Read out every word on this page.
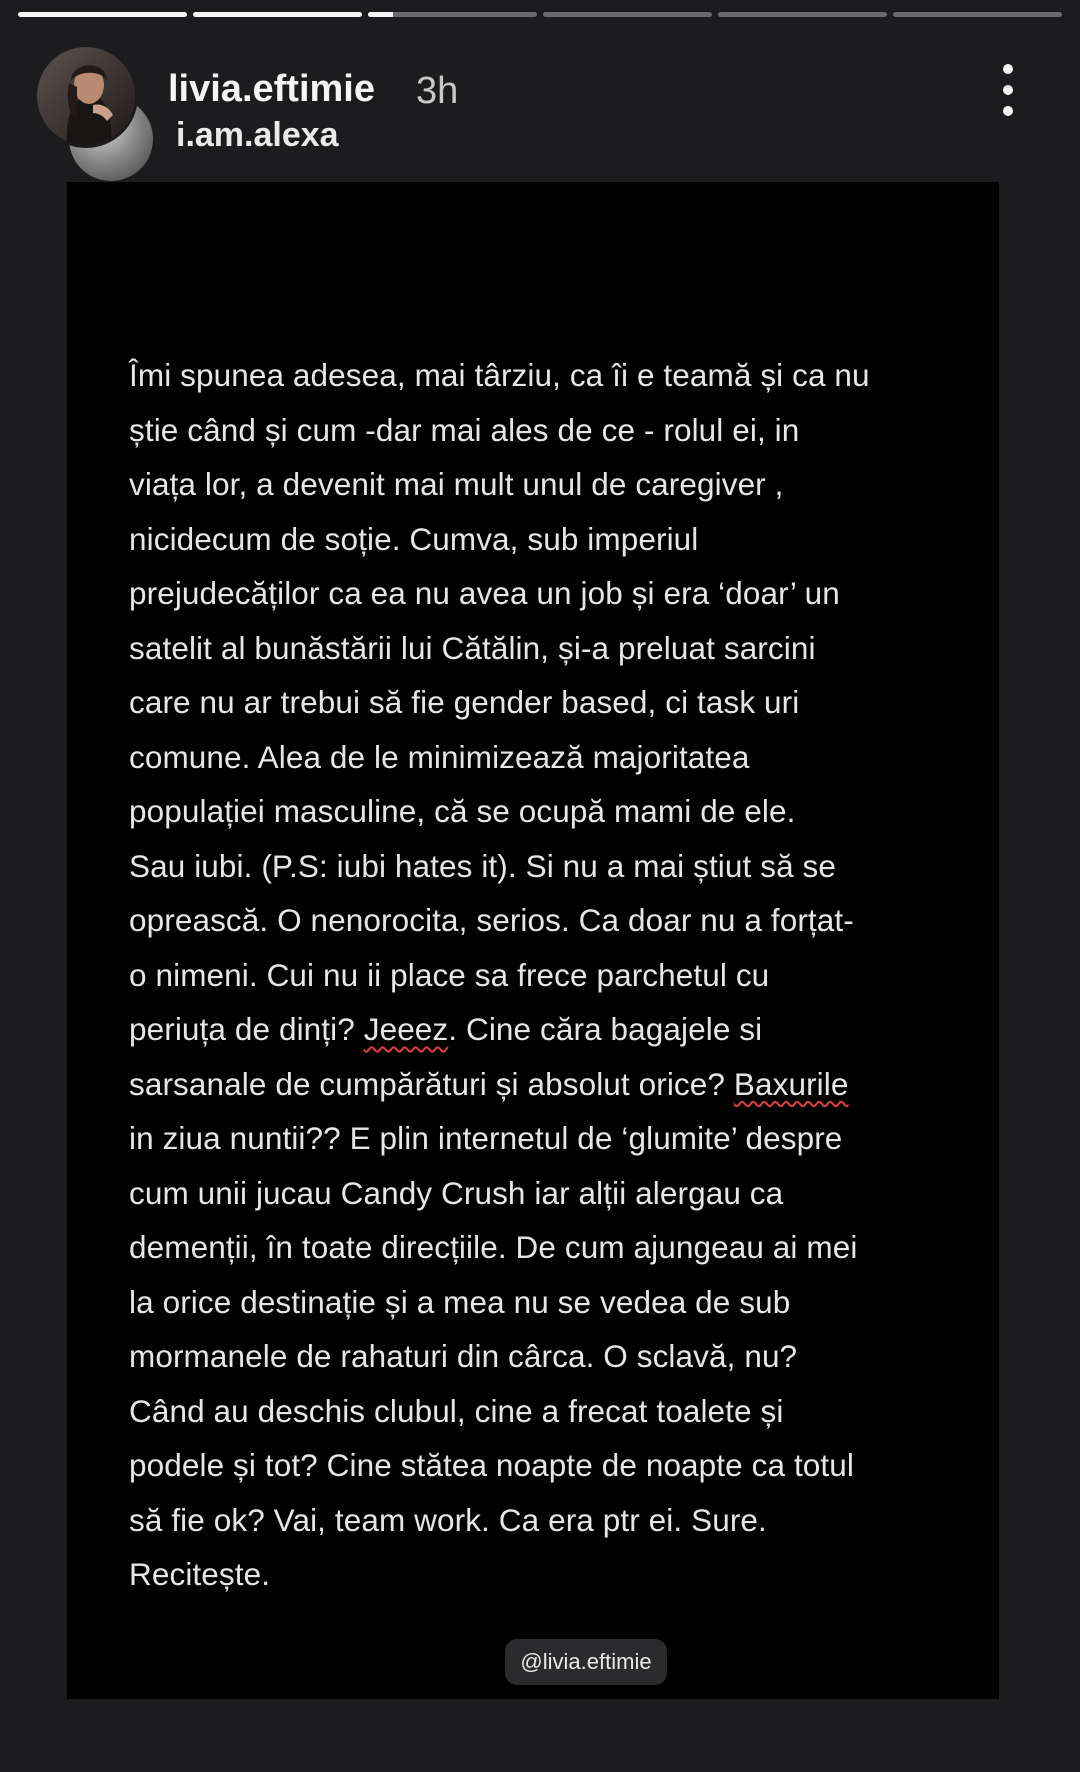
livia.eftimie 3h
i.am.alexa
Îmi spunea adesea, mai târziu, ca îi e teamă și ca nu
știe când și cum -dar mai ales de ce - rolul ei, in
viața lor, a devenit mai mult unul de caregiver ,
nicidecum de soție. Cumva, sub imperiul
prejudecăților ca ea nu avea un job și era ‘doar’ un
satelit al bunăstării lui Cătălin, și-a preluat sarcini
care nu ar trebui să fie gender based, ci task uri
comune. Alea de le minimizează majoritatea
populației masculine, că se ocupă mami de ele.
Sau iubi. (P.S: iubi hates it). Si nu a mai știut să se
oprească. O nenorocita, serios. Ca doar nu a forțat-
o nimeni. Cui nu ii place sa frece parchetul cu
periuța de dinți? Jeeez. Cine căra bagajele si
sarsanale de cumpărături și absolut orice? Baxurile
in ziua nuntii?? E plin internetul de ‘glumite’ despre
cum unii jucau Candy Crush iar alții alergau ca
demenții, în toate direcțiile. De cum ajungeau ai mei
la orice destinație și a mea nu se vedea de sub
mormanele de rahaturi din cârca. O sclavă, nu?
Când au deschis clubul, cine a frecat toalete și
podele și tot? Cine stătea noapte de noapte ca totul
să fie ok? Vai, team work. Ca era ptr ei. Sure.
Recitește.
@livia.eftimie
